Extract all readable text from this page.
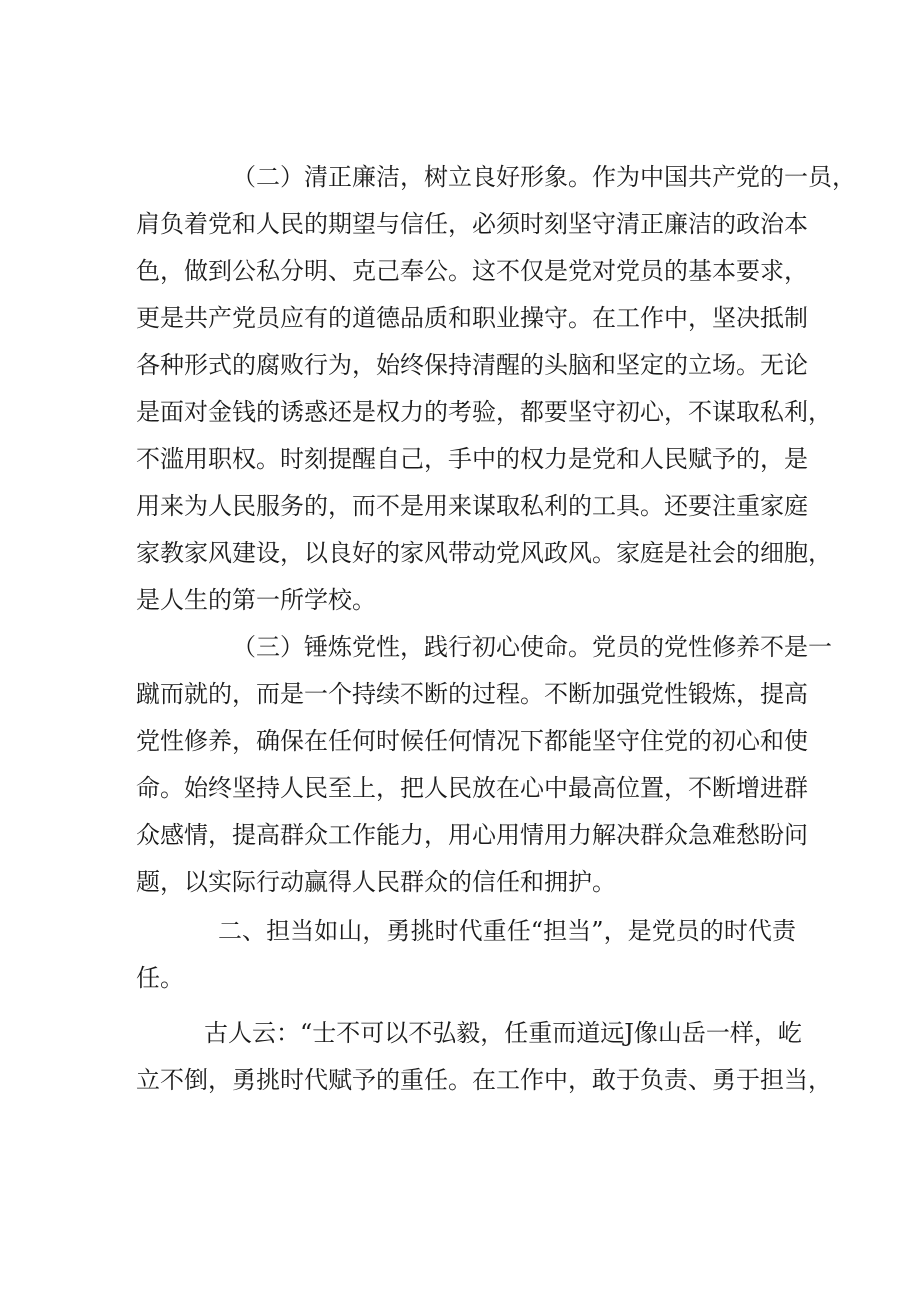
（二）清正廉洁，树立良好形象。作为中国共产党的一员，
肩负着党和人民的期望与信任，必须时刻坚守清正廉洁的政治本
色，做到公私分明、克己奉公。这不仅是党对党员的基本要求，
更是共产党员应有的道德品质和职业操守。在工作中，坚决抵制
各种形式的腐败行为，始终保持清醒的头脑和坚定的立场。无论
是面对金钱的诱惑还是权力的考验，都要坚守初心，不谋取私利，
不滥用职权。时刻提醒自己，手中的权力是党和人民赋予的，是
用来为人民服务的，而不是用来谋取私利的工具。还要注重家庭
家教家风建设，以良好的家风带动党风政风。家庭是社会的细胞，
是人生的第一所学校。
（三）锤炼党性，践行初心使命。党员的党性修养不是一
蹴而就的，而是一个持续不断的过程。不断加强党性锻炼，提高
党性修养，确保在任何时候任何情况下都能坚守住党的初心和使
命。始终坚持人民至上，把人民放在心中最高位置，不断增进群
众感情，提高群众工作能力，用心用情用力解决群众急难愁盼问
题，以实际行动赢得人民群众的信任和拥护。
二、担当如山，勇挑时代重任“担当”，是党员的时代责
任。
古人云：“士不可以不弘毅，任重而道远J像山岳一样，屹
立不倒，勇挑时代赋予的重任。在工作中，敢于负责、勇于担当，
